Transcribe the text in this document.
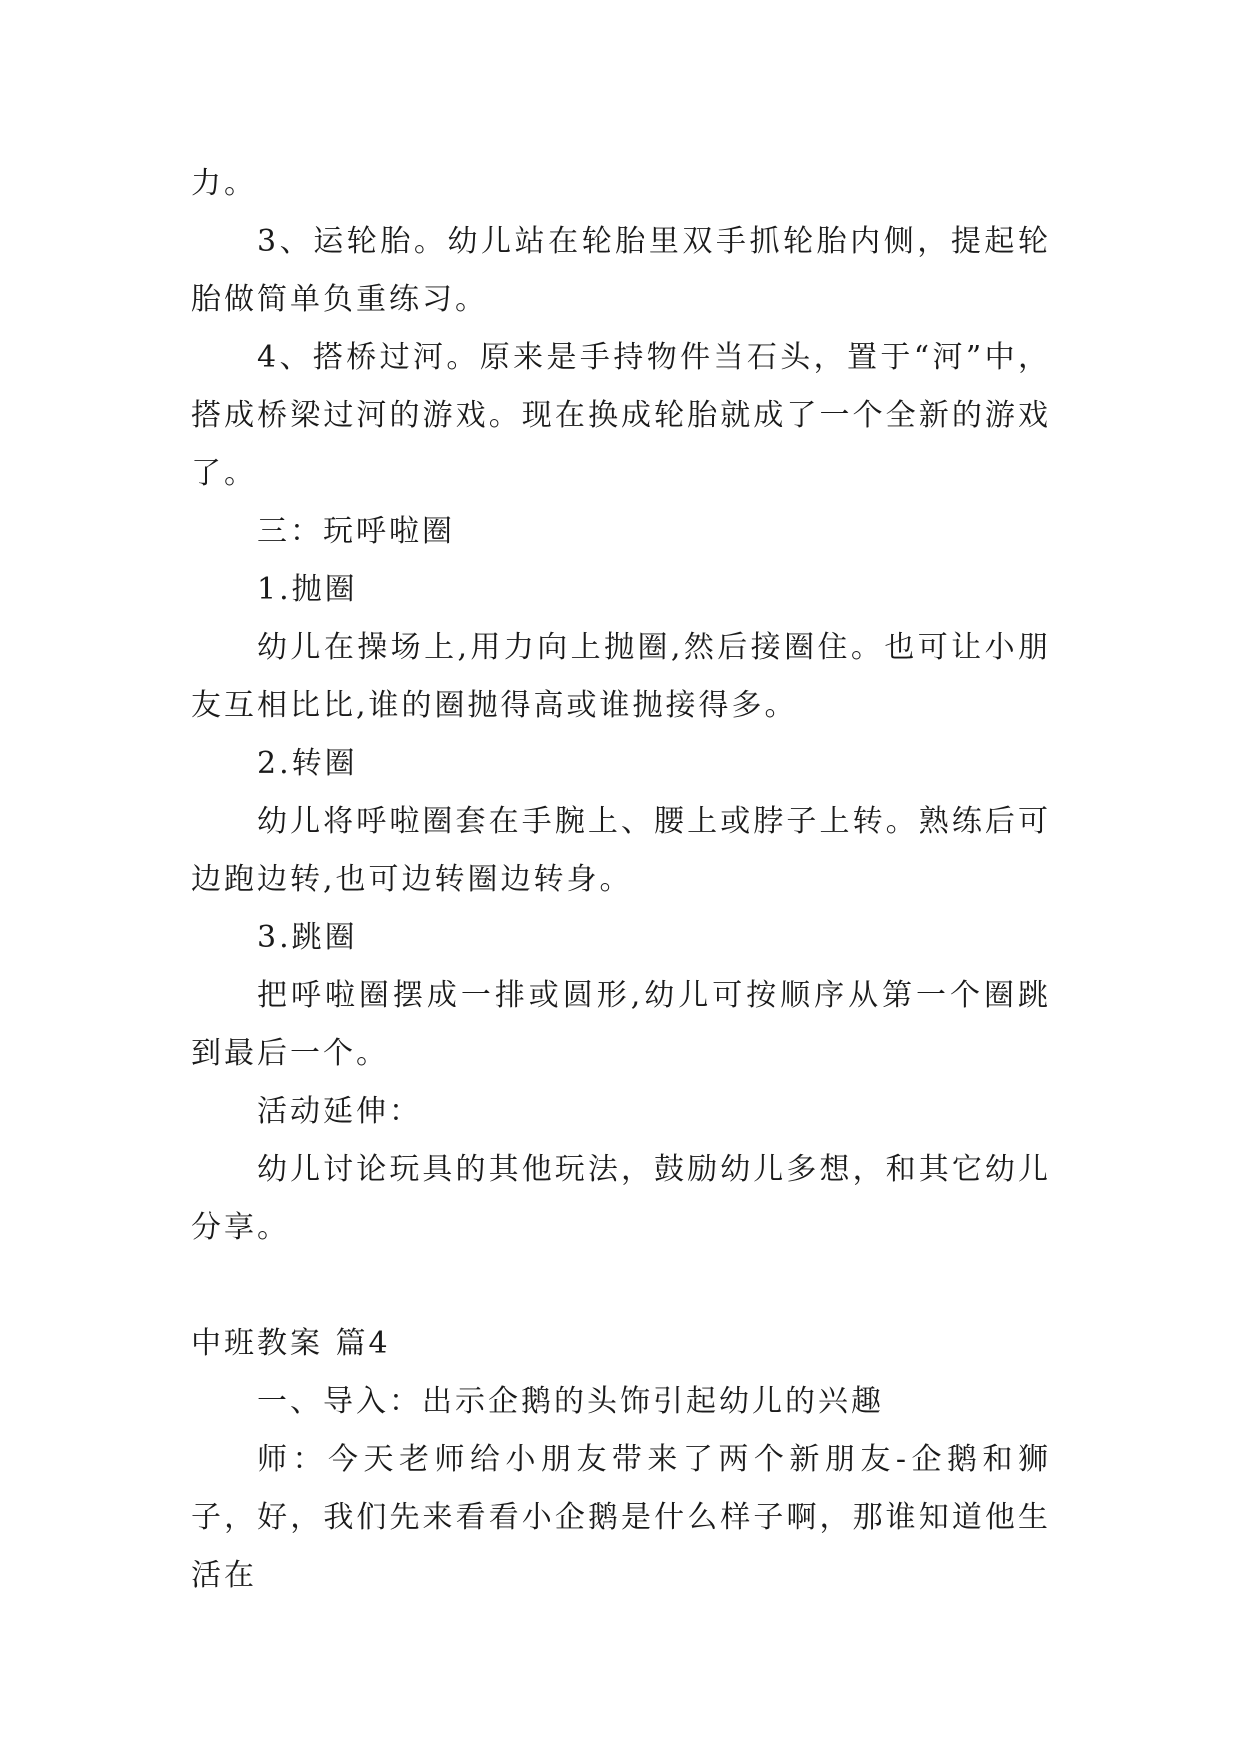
力。

3、运轮胎。幼儿站在轮胎里双手抓轮胎内侧，提起轮胎做简单负重练习。

4、搭桥过河。原来是手持物件当石头，置于“河”中，搭成桥梁过河的游戏。现在换成轮胎就成了一个全新的游戏了。

三：玩呼啦圈

1.抛圈

幼儿在操场上,用力向上抛圈,然后接圈住。也可让小朋友互相比比,谁的圈抛得高或谁抛接得多。

2.转圈

幼儿将呼啦圈套在手腕上、腰上或脖子上转。熟练后可边跑边转,也可边转圈边转身。

3.跳圈

把呼啦圈摆成一排或圆形,幼儿可按顺序从第一个圈跳到最后一个。

活动延伸：

幼儿讨论玩具的其他玩法，鼓励幼儿多想，和其它幼儿分享。

中班教案 篇4

一、导入：出示企鹅的头饰引起幼儿的兴趣

师：今天老师给小朋友带来了两个新朋友-企鹅和狮子，好，我们先来看看小企鹅是什么样子啊，那谁知道他生活在
